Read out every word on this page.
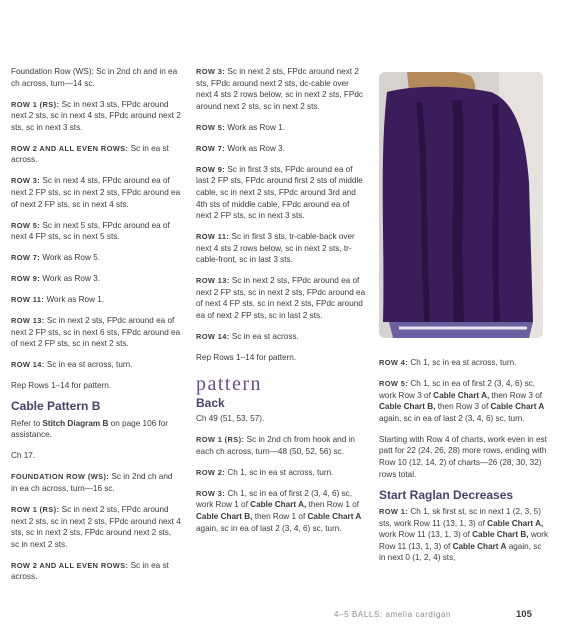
Foundation Row (WS): Sc in 2nd ch and in ea ch across, turn—14 sc.

ROW 1 (RS): Sc in next 3 sts, FPdc around next 2 sts, sc in next 4 sts, FPdc around next 2 sts, sc in next 3 sts.

ROW 2 AND ALL EVEN ROWS: Sc in ea st across.

ROW 3: Sc in next 4 sts, FPdc around ea of next 2 FP sts, sc in next 2 sts, FPdc around ea of next 2 FP sts, sc in next 4 sts.

ROW 5: Sc in next 5 sts, FPdc around ea of next 4 FP sts, sc in next 5 sts.

ROW 7: Work as Row 5.

ROW 9: Work as Row 3.

ROW 11: Work as Row 1.

ROW 13: Sc in next 2 sts, FPdc around ea of next 2 FP sts, sc in next 6 sts, FPdc around ea of next 2 FP sts, sc in next 2 sts.

ROW 14: Sc in ea st across, turn.

Rep Rows 1–14 for pattern.

Cable Pattern B

Refer to Stitch Diagram B on page 106 for assistance.

Ch 17.

FOUNDATION ROW (WS): Sc in 2nd ch and in ea ch across, turn—16 sc.

ROW 1 (RS): Sc in next 2 sts, FPdc around next 2 sts, sc in next 2 sts, FPdc around next 4 sts, sc in next 2 sts, FPdc around next 2 sts, sc in next 2 sts.

ROW 2 AND ALL EVEN ROWS: Sc in ea st across.

ROW 3: Sc in next 2 sts, FPdc around next 2 sts, FPdc around next 2 sts, dc-cable over next 4 sts 2 rows below, sc in next 2 sts, FPdc around next 2 sts, sc in next 2 sts.

ROW 5: Work as Row 1.

ROW 7: Work as Row 3.

ROW 9: Sc in first 3 sts, FPdc around ea of last 2 FP sts, FPdc around first 2 sts of middle cable, sc in next 2 sts, FPdc around 3rd and 4th sts of middle cable, FPdc around ea of next 2 FP sts, sc in next 3 sts.

ROW 11: Sc in first 3 sts, tr-cable-back over next 4 sts 2 rows below, sc in next 2 sts, tr-cable-front, sc in last 3 sts.

ROW 13: Sc in next 2 sts, FPdc around ea of next 2 FP sts, sc in next 2 sts, FPdc around ea of next 4 FP sts, sc in next 2 sts, FPdc around ea of next 2 FP sts, sc in last 2 sts.

ROW 14: Sc in ea st across.

Rep Rows 1–14 for pattern.

pattern
Back

Ch 49 (51, 53, 57).

ROW 1 (RS): Sc in 2nd ch from hook and in each ch across, turn—48 (50, 52, 56) sc.

ROW 2: Ch 1, sc in ea st across, turn.

ROW 3: Ch 1, sc in ea of first 2 (3, 4, 6) sc, work Row 1 of Cable Chart A, then Row 1 of Cable Chart B, then Row 1 of Cable Chart A again, sc in ea of last 2 (3, 4, 6) sc, turn.

ROW 4: Ch 1, sc in ea st across, turn.

ROW 5: Ch 1, sc in ea of first 2 (3, 4, 6) sc, work Row 3 of Cable Chart A, then Row 3 of Cable Chart B, then Row 3 of Cable Chart A again, sc in ea of last 2 (3, 4, 6) sc, turn.

Starting with Row 4 of charts, work even in est patt for 22 (24, 26, 28) more rows, ending with Row 10 (12, 14, 2) of charts—26 (28, 30, 32) rows total.

Start Raglan Decreases

ROW 1: Ch 1, sk first st, sc in next 1 (2, 3, 5) sts, work Row 11 (13, 1, 3) of Cable Chart A, work Row 11 (13, 1, 3) of Cable Chart B, work Row 11 (13, 1, 3) of Cable Chart A again, sc in next 0 (1, 2, 4) sts,

4–5 BALLS: amelia cardigan	105
